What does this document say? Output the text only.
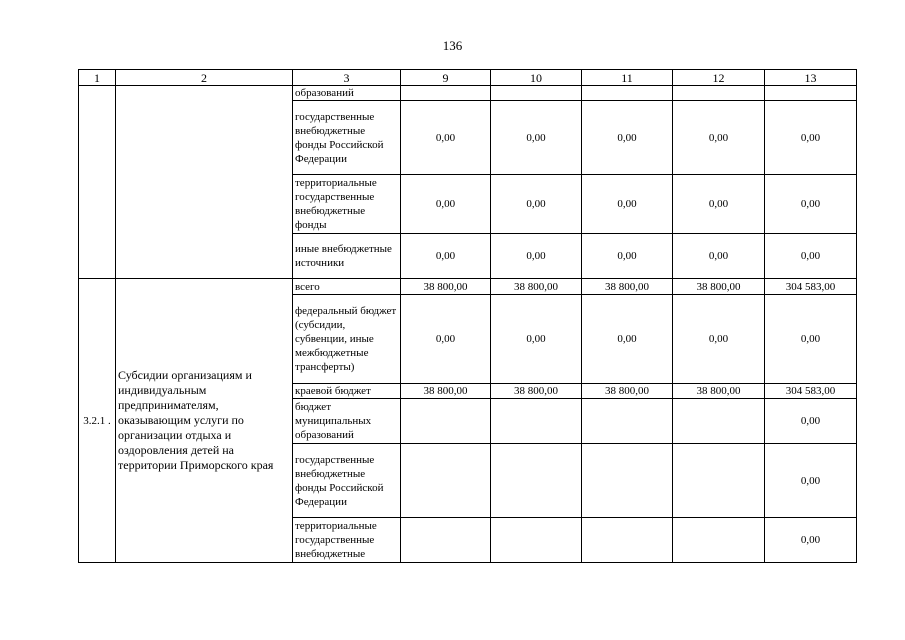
136
1	2	3	9	10	11	12	13
		образований					
		государственные внебюджетные фонды Российской Федерации	0,00	0,00	0,00	0,00	0,00
		территориальные государственные внебюджетные фонды	0,00	0,00	0,00	0,00	0,00
		иные внебюджетные источники	0,00	0,00	0,00	0,00	0,00
3.2.1 .	Субсидии организациям и индивидуальным предпринимателям, оказывающим услуги по организации отдыха и оздоровления детей на территории Приморского края	всего	38 800,00	38 800,00	38 800,00	38 800,00	304 583,00
		федеральный бюджет (субсидии, субвенции, иные межбюджетные трансферты)	0,00	0,00	0,00	0,00	0,00
		краевой бюджет	38 800,00	38 800,00	38 800,00	38 800,00	304 583,00
		бюджет муниципальных образований					0,00
		государственные внебюджетные фонды Российской Федерации					0,00
		территориальные государственные внебюджетные					0,00
